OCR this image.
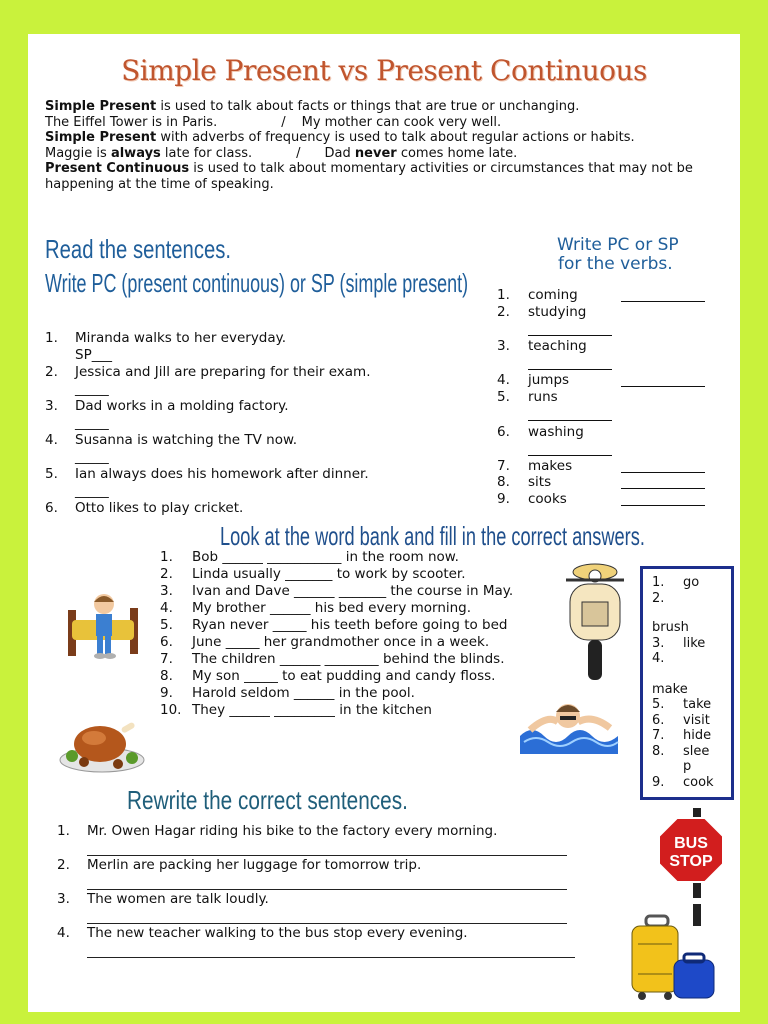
Simple Present vs Present Continuous
Simple Present is used to talk about facts or things that are true or unchanging.
The Eiffel Tower is in Paris.	/ My mother can cook very well.
Simple Present with adverbs of frequency is used to talk about regular actions or habits.
Maggie is always late for class.	/ Dad never comes home late.
Present Continuous is used to talk about momentary activities or circumstances that may not be happening at the time of speaking.
Read the sentences.
Write PC (present continuous) or SP (simple present)
1. Miranda walks to her everyday.
SP___
2. Jessica and Jill are preparing for their exam.
_____
3. Dad works in a molding factory.
_____
4. Susanna is watching the TV now.
_____
5. Ian always does his homework after dinner.
_____
6. Otto likes to play cricket.
Write PC or SP
for the verbs.
1. coming
2. studying
3. teaching
4. jumps
5. runs
6. washing
7. makes
8. sits
9. cooks
Look at the word bank and fill in the correct answers.
1. Bob ______ ___________ in the room now.
2. Linda usually _______ to work by scooter.
3. Ivan and Dave ______ _______ the course in May.
4. My brother ______ his bed every morning.
5. Ryan never _____ his teeth before going to bed
6. June _____ her grandmother once in a week.
7. The children ______ ________ behind the blinds.
8. My son _____ to eat pudding and candy floss.
9. Harold seldom ______ in the pool.
10. They ______ _________ in the kitchen
1. go
2.
brush
3. like
4.
make
5. take
6. visit
7. hide
8. slee
p
9. cook
Rewrite the correct sentences.
1. Mr. Owen Hagar riding his bike to the factory every morning.
2. Merlin are packing her luggage for tomorrow trip.
3. The women are talk loudly.
4. The new teacher walking to the bus stop every evening.
BUS
STOP
